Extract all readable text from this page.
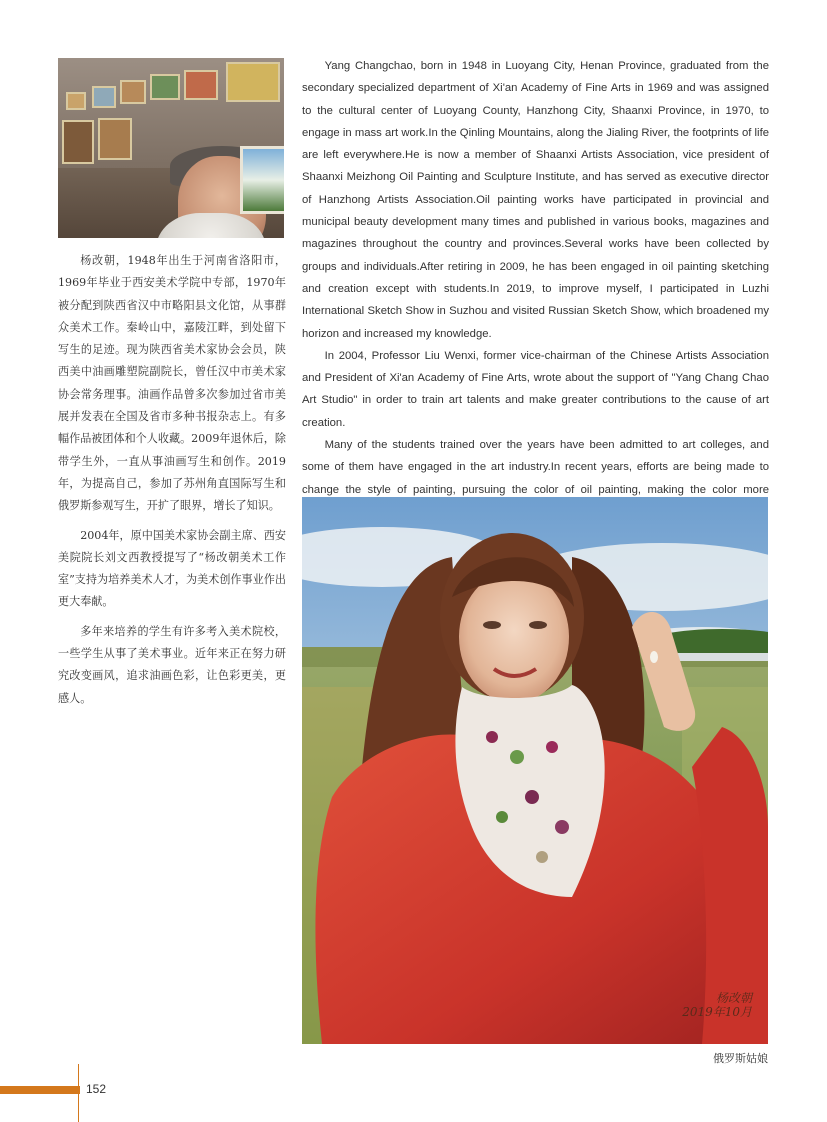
杨改朝，1948年出生于河南省洛阳市，1969年毕业于西安美术学院中专部，1970年被分配到陕西省汉中市略阳县文化馆，从事群众美术工作。秦岭山中，嘉陵江畔，到处留下写生的足迹。现为陕西省美术家协会会员，陕西美中油画雕塑院副院长，曾任汉中市美术家协会常务理事。油画作品曾多次参加过省市美展并发表在全国及省市多种书报杂志上。有多幅作品被团体和个人收藏。2009年退休后，除带学生外，一直从事油画写生和创作。2019年，为提高自己，参加了苏州角直国际写生和俄罗斯参观写生，开扩了眼界，增长了知识。

2004年，原中国美术家协会副主席、西安美院院长刘文西教授提写了“杨改朝美术工作室”支持为培养美术人才，为美术创作事业作出更大奉献。

多年来培养的学生有许多考入美术院校，一些学生从事了美术事业。近年来正在努力研究改变画风，追求油画色彩，让色彩更美，更感人。

Yang Changchao, born in 1948 in Luoyang City, Henan Province, graduated from the secondary specialized department of Xi'an Academy of Fine Arts in 1969 and was assigned to the cultural center of Luoyang County, Hanzhong City, Shaanxi Province, in 1970, to engage in mass art work.In the Qinling Mountains, along the Jialing River, the footprints of life are left everywhere.He is now a member of Shaanxi Artists Association, vice president of Shaanxi Meizhong Oil Painting and Sculpture Institute, and has served as executive director of Hanzhong Artists Association.Oil painting works have participated in provincial and municipal beauty development many times and published in various books, magazines and magazines throughout the country and provinces.Several works have been collected by groups and individuals.After retiring in 2009, he has been engaged in oil painting sketching and creation except with students.In 2019, to improve myself, I participated in Luzhi International Sketch Show in Suzhou and visited Russian Sketch Show, which broadened my horizon and increased my knowledge.

In 2004, Professor Liu Wenxi, former vice-chairman of the Chinese Artists Association and President of Xi'an Academy of Fine Arts, wrote about the support of "Yang Chang Chao Art Studio" in order to train art talents and make greater contributions to the cause of art creation.

Many of the students trained over the years have been admitted to art colleges, and some of them have engaged in the art industry.In recent years, efforts are being made to change the style of painting, pursuing the color of oil painting, making the color more

杨改朝
2019年10月
俄罗斯姑娘
152
